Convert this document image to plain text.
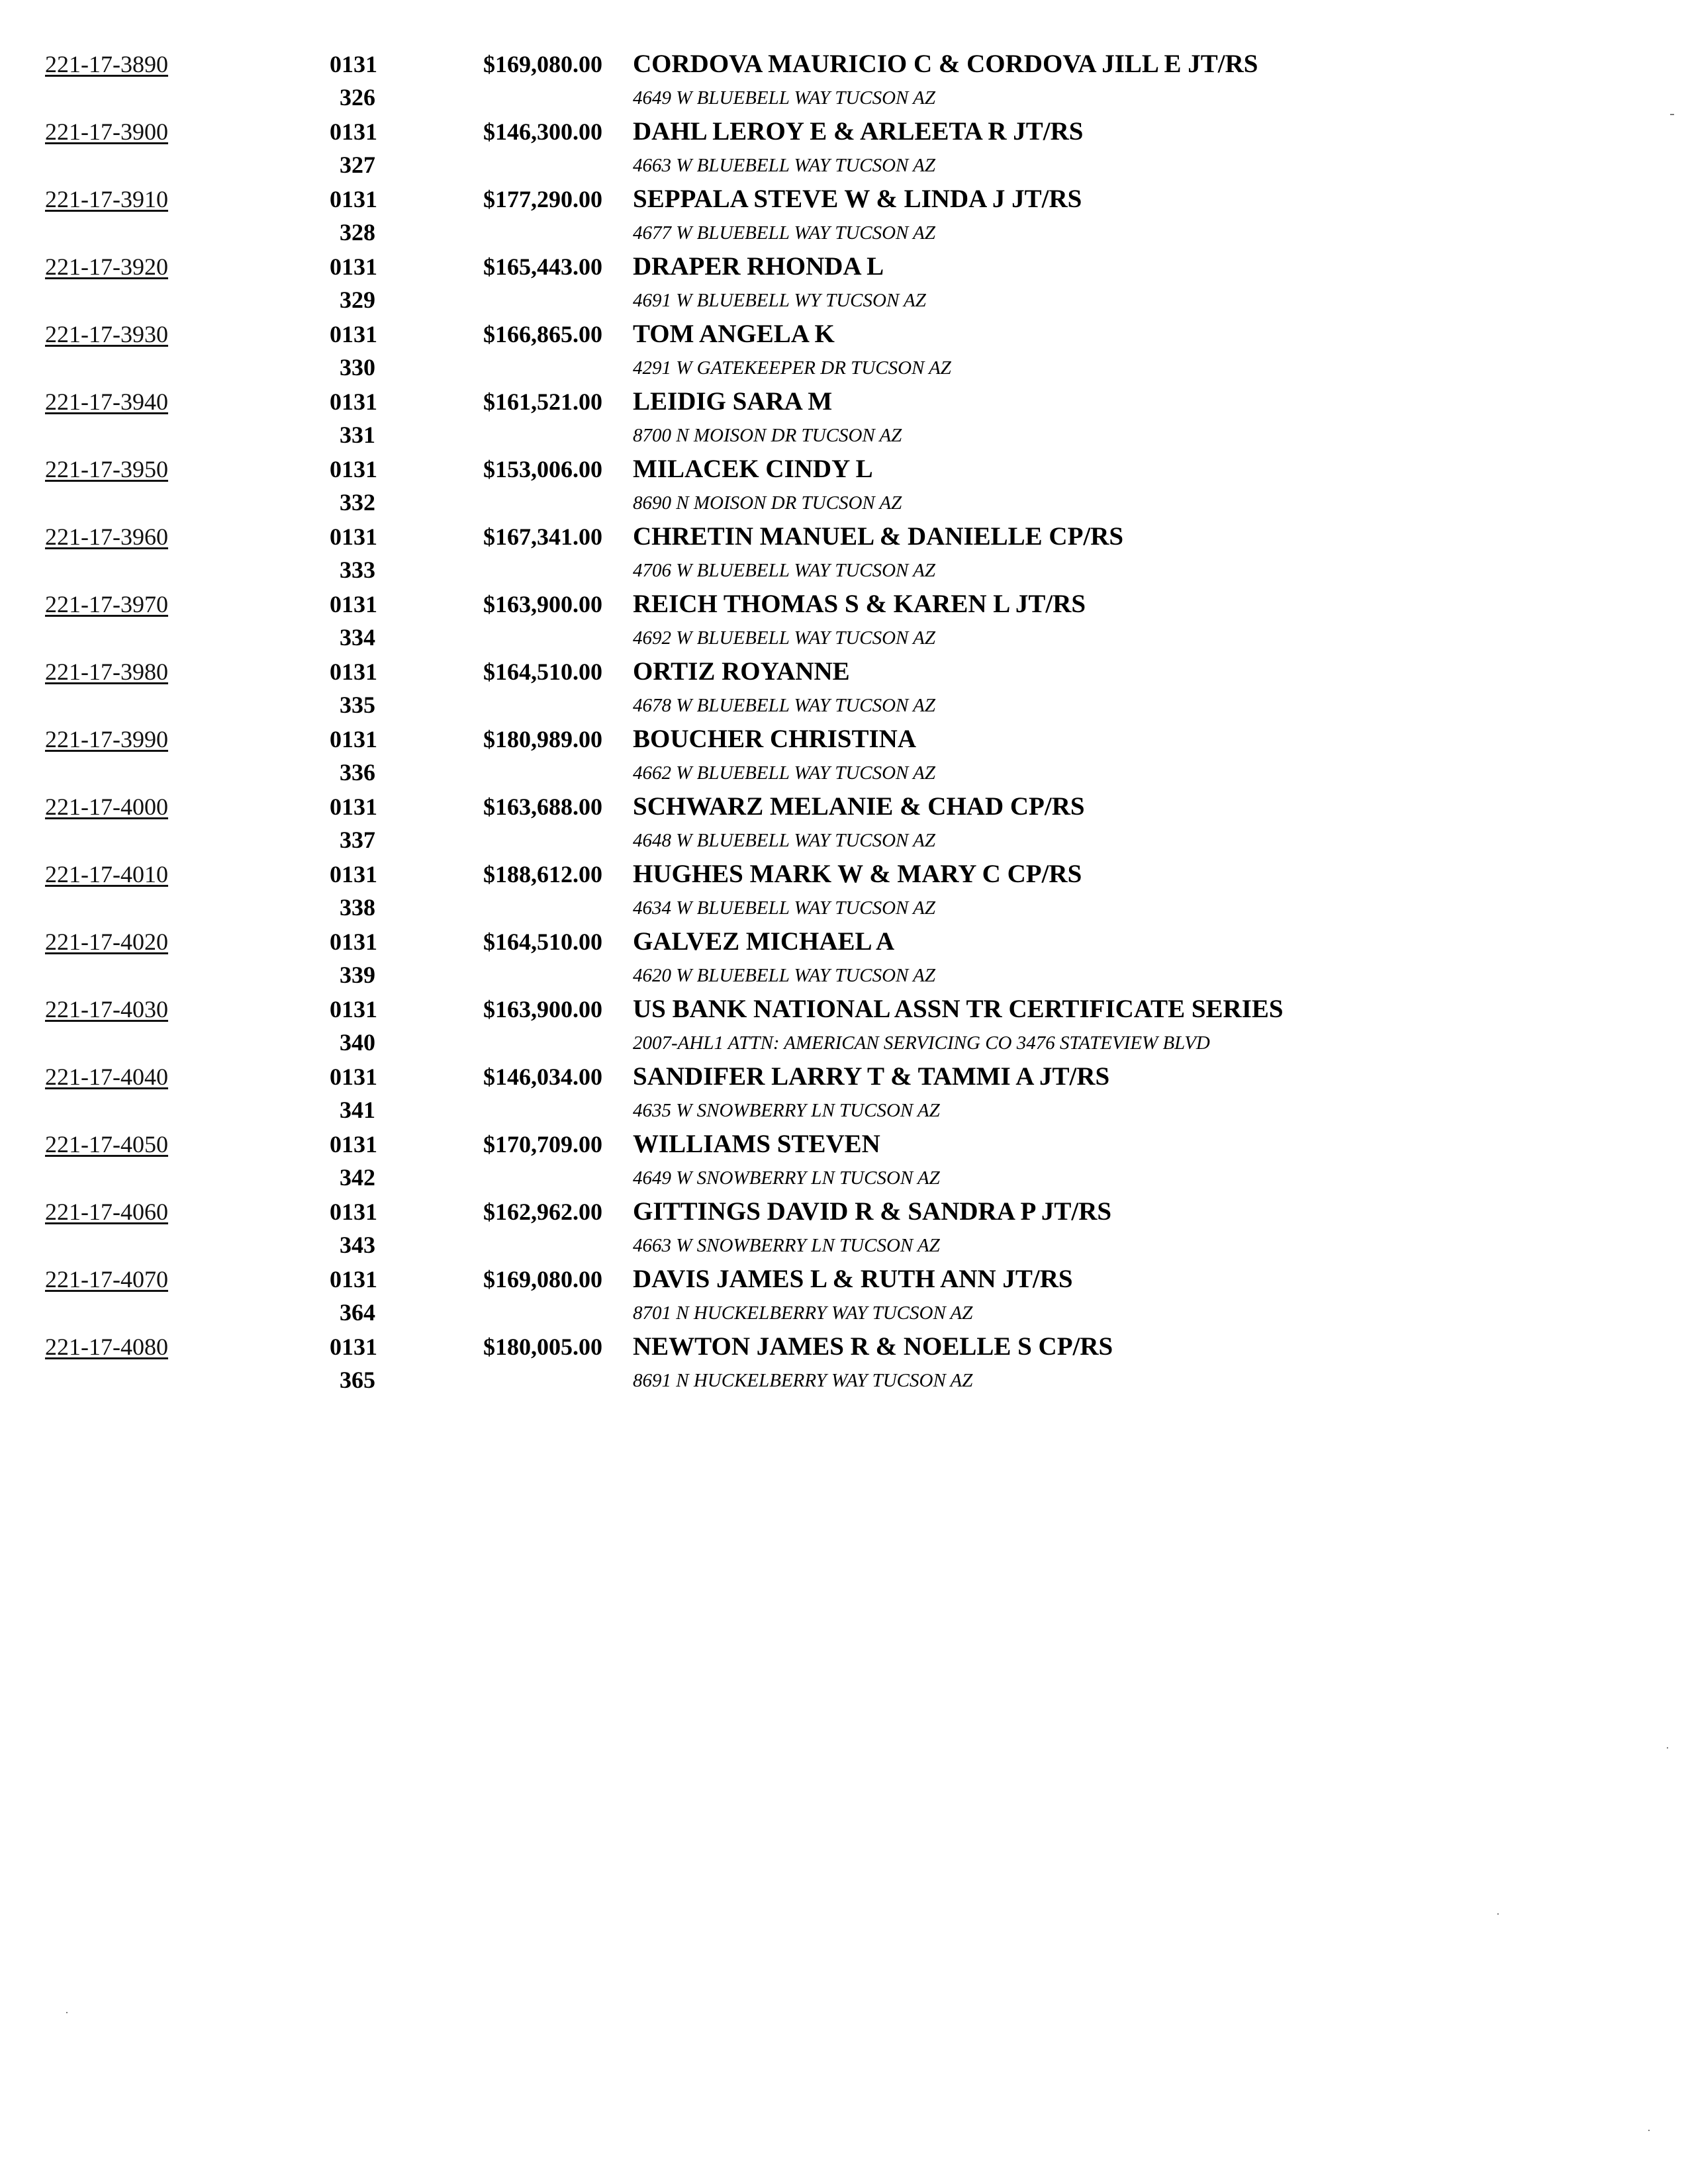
221-17-3890	0131	$169,080.00 CORDOVA MAURICIO C & CORDOVA JILL E JT/RS
326	4649 W BLUEBELL WAY TUCSON AZ
221-17-3900	0131	$146,300.00 DAHL LEROY E & ARLEETA R JT/RS
327	4663 W BLUEBELL WAY TUCSON AZ
221-17-3910	0131	$177,290.00 SEPPALA STEVE W & LINDA J JT/RS
328	4677 W BLUEBELL WAY TUCSON AZ
221-17-3920	0131	$165,443.00 DRAPER RHONDA L
329	4691 W BLUEBELL WY TUCSON AZ
221-17-3930	0131	$166,865.00 TOM ANGELA K
330	4291 W GATEKEEPER DR TUCSON AZ
221-17-3940	0131	$161,521.00 LEIDIG SARA M
331	8700 N MOISON DR TUCSON AZ
221-17-3950	0131	$153,006.00 MILACEK CINDY L
332	8690 N MOISON DR TUCSON AZ
221-17-3960	0131	$167,341.00 CHRETIN MANUEL & DANIELLE CP/RS
333	4706 W BLUEBELL WAY TUCSON AZ
221-17-3970	0131	$163,900.00 REICH THOMAS S & KAREN L JT/RS
334	4692 W BLUEBELL WAY TUCSON AZ
221-17-3980	0131	$164,510.00 ORTIZ ROYANNE
335	4678 W BLUEBELL WAY TUCSON AZ
221-17-3990	0131	$180,989.00 BOUCHER CHRISTINA
336	4662 W BLUEBELL WAY TUCSON AZ
221-17-4000	0131	$163,688.00 SCHWARZ MELANIE & CHAD CP/RS
337	4648 W BLUEBELL WAY TUCSON AZ
221-17-4010	0131	$188,612.00 HUGHES MARK W & MARY C CP/RS
338	4634 W BLUEBELL WAY TUCSON AZ
221-17-4020	0131	$164,510.00 GALVEZ MICHAEL A
339	4620 W BLUEBELL WAY TUCSON AZ
221-17-4030	0131	$163,900.00 US BANK NATIONAL ASSN TR CERTIFICATE SERIES
340	2007-AHL1 ATTN: AMERICAN SERVICING CO 3476 STATEVIEW BLVD
221-17-4040	0131	$146,034.00 SANDIFER LARRY T & TAMMI A JT/RS
341	4635 W SNOWBERRY LN TUCSON AZ
221-17-4050	0131	$170,709.00 WILLIAMS STEVEN
342	4649 W SNOWBERRY LN TUCSON AZ
221-17-4060	0131	$162,962.00 GITTINGS DAVID R & SANDRA P JT/RS
343	4663 W SNOWBERRY LN TUCSON AZ
221-17-4070	0131	$169,080.00 DAVIS JAMES L & RUTH ANN JT/RS
364	8701 N HUCKELBERRY WAY TUCSON AZ
221-17-4080	0131	$180,005.00 NEWTON JAMES R & NOELLE S CP/RS
365	8691 N HUCKELBERRY WAY TUCSON AZ
